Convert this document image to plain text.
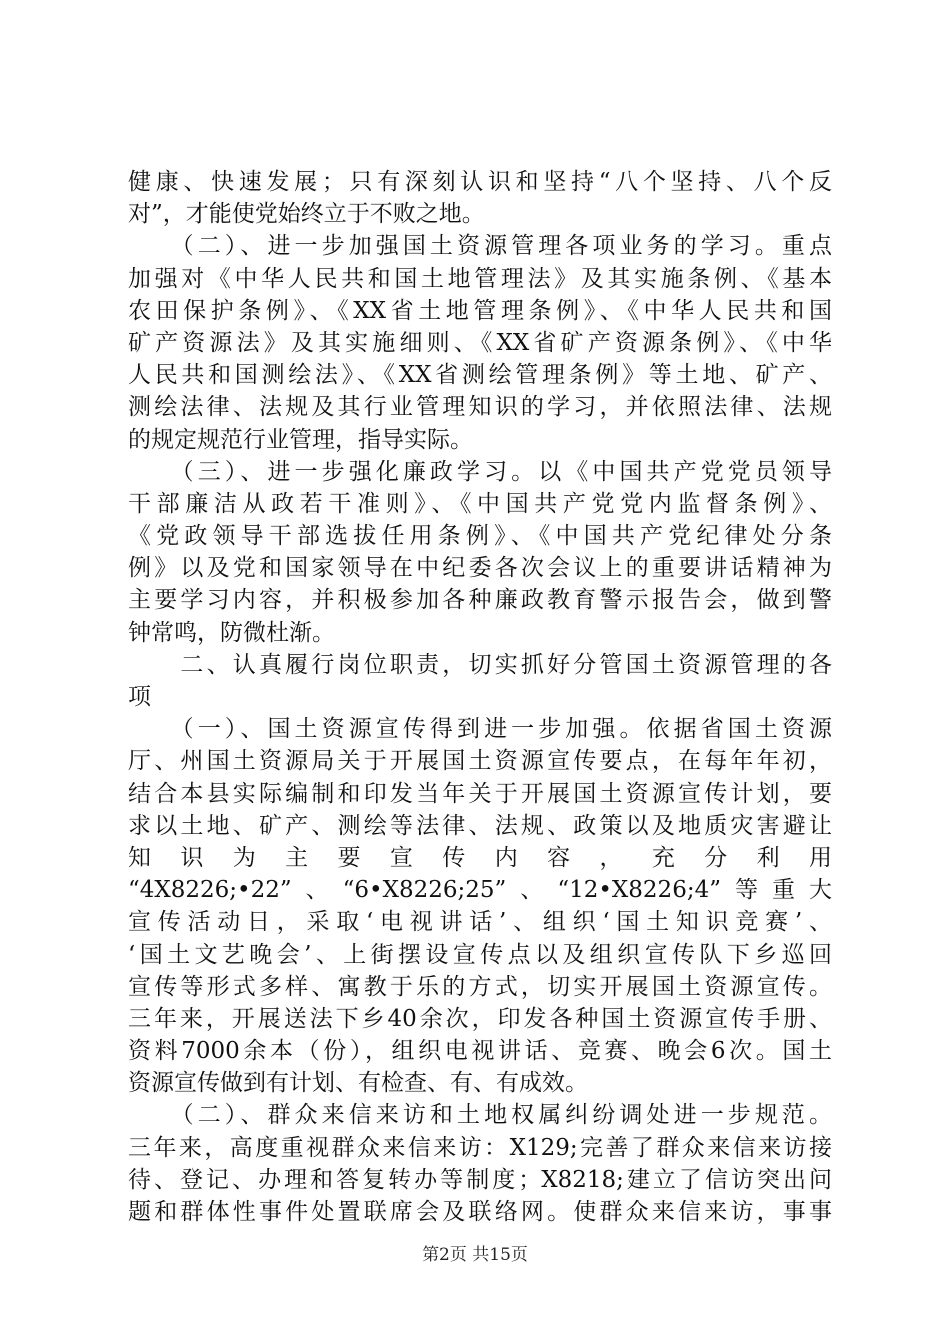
健康、快速发展；只有深刻认识和坚持“八个坚持、八个反
对”，才能使党始终立于不败之地。
　　（二）、进一步加强国土资源管理各项业务的学习。重点
加强对《中华人民共和国土地管理法》及其实施条例、《基本
农田保护条例》、《XX省土地管理条例》、《中华人民共和国
矿产资源法》及其实施细则、《XX省矿产资源条例》、《中华
人民共和国测绘法》、《XX省测绘管理条例》等土地、矿产、
测绘法律、法规及其行业管理知识的学习，并依照法律、法规
的规定规范行业管理，指导实际。
　　（三）、进一步强化廉政学习。以《中国共产党党员领导
干部廉洁从政若干准则》、《中国共产党党内监督条例》、
《党政领导干部选拔任用条例》、《中国共产党纪律处分条
例》以及党和国家领导在中纪委各次会议上的重要讲话精神为
主要学习内容，并积极参加各种廉政教育警示报告会，做到警
钟常鸣，防微杜渐。
　　二、认真履行岗位职责，切实抓好分管国土资源管理的各
项
　　（一）、国土资源宣传得到进一步加强。依据省国土资源
厅、州国土资源局关于开展国土资源宣传要点，在每年年初，
结合本县实际编制和印发当年关于开展国土资源宣传计划，要
求以土地、矿产、测绘等法律、法规、政策以及地质灾害避让
知识为主要宣传内容，充分利用
“4X8226;•22”、“6•X8226;25”、“12•X8226;4”等重大
宣传活动日，采取‘电视讲话’、组织‘国土知识竞赛’、
‘国土文艺晚会’、上街摆设宣传点以及组织宣传队下乡巡回
宣传等形式多样、寓教于乐的方式，切实开展国土资源宣传。
三年来，开展送法下乡40余次，印发各种国土资源宣传手册、
资料7000余本（份），组织电视讲话、竞赛、晚会6次。国土
资源宣传做到有计划、有检查、有、有成效。
　　（二）、群众来信来访和土地权属纠纷调处进一步规范。
三年来，高度重视群众来信来访：X129;完善了群众来信来访接
待、登记、办理和答复转办等制度；X8218;建立了信访突出问
题和群体性事件处置联席会及联络网。使群众来信来访，事事
第2页 共15页
